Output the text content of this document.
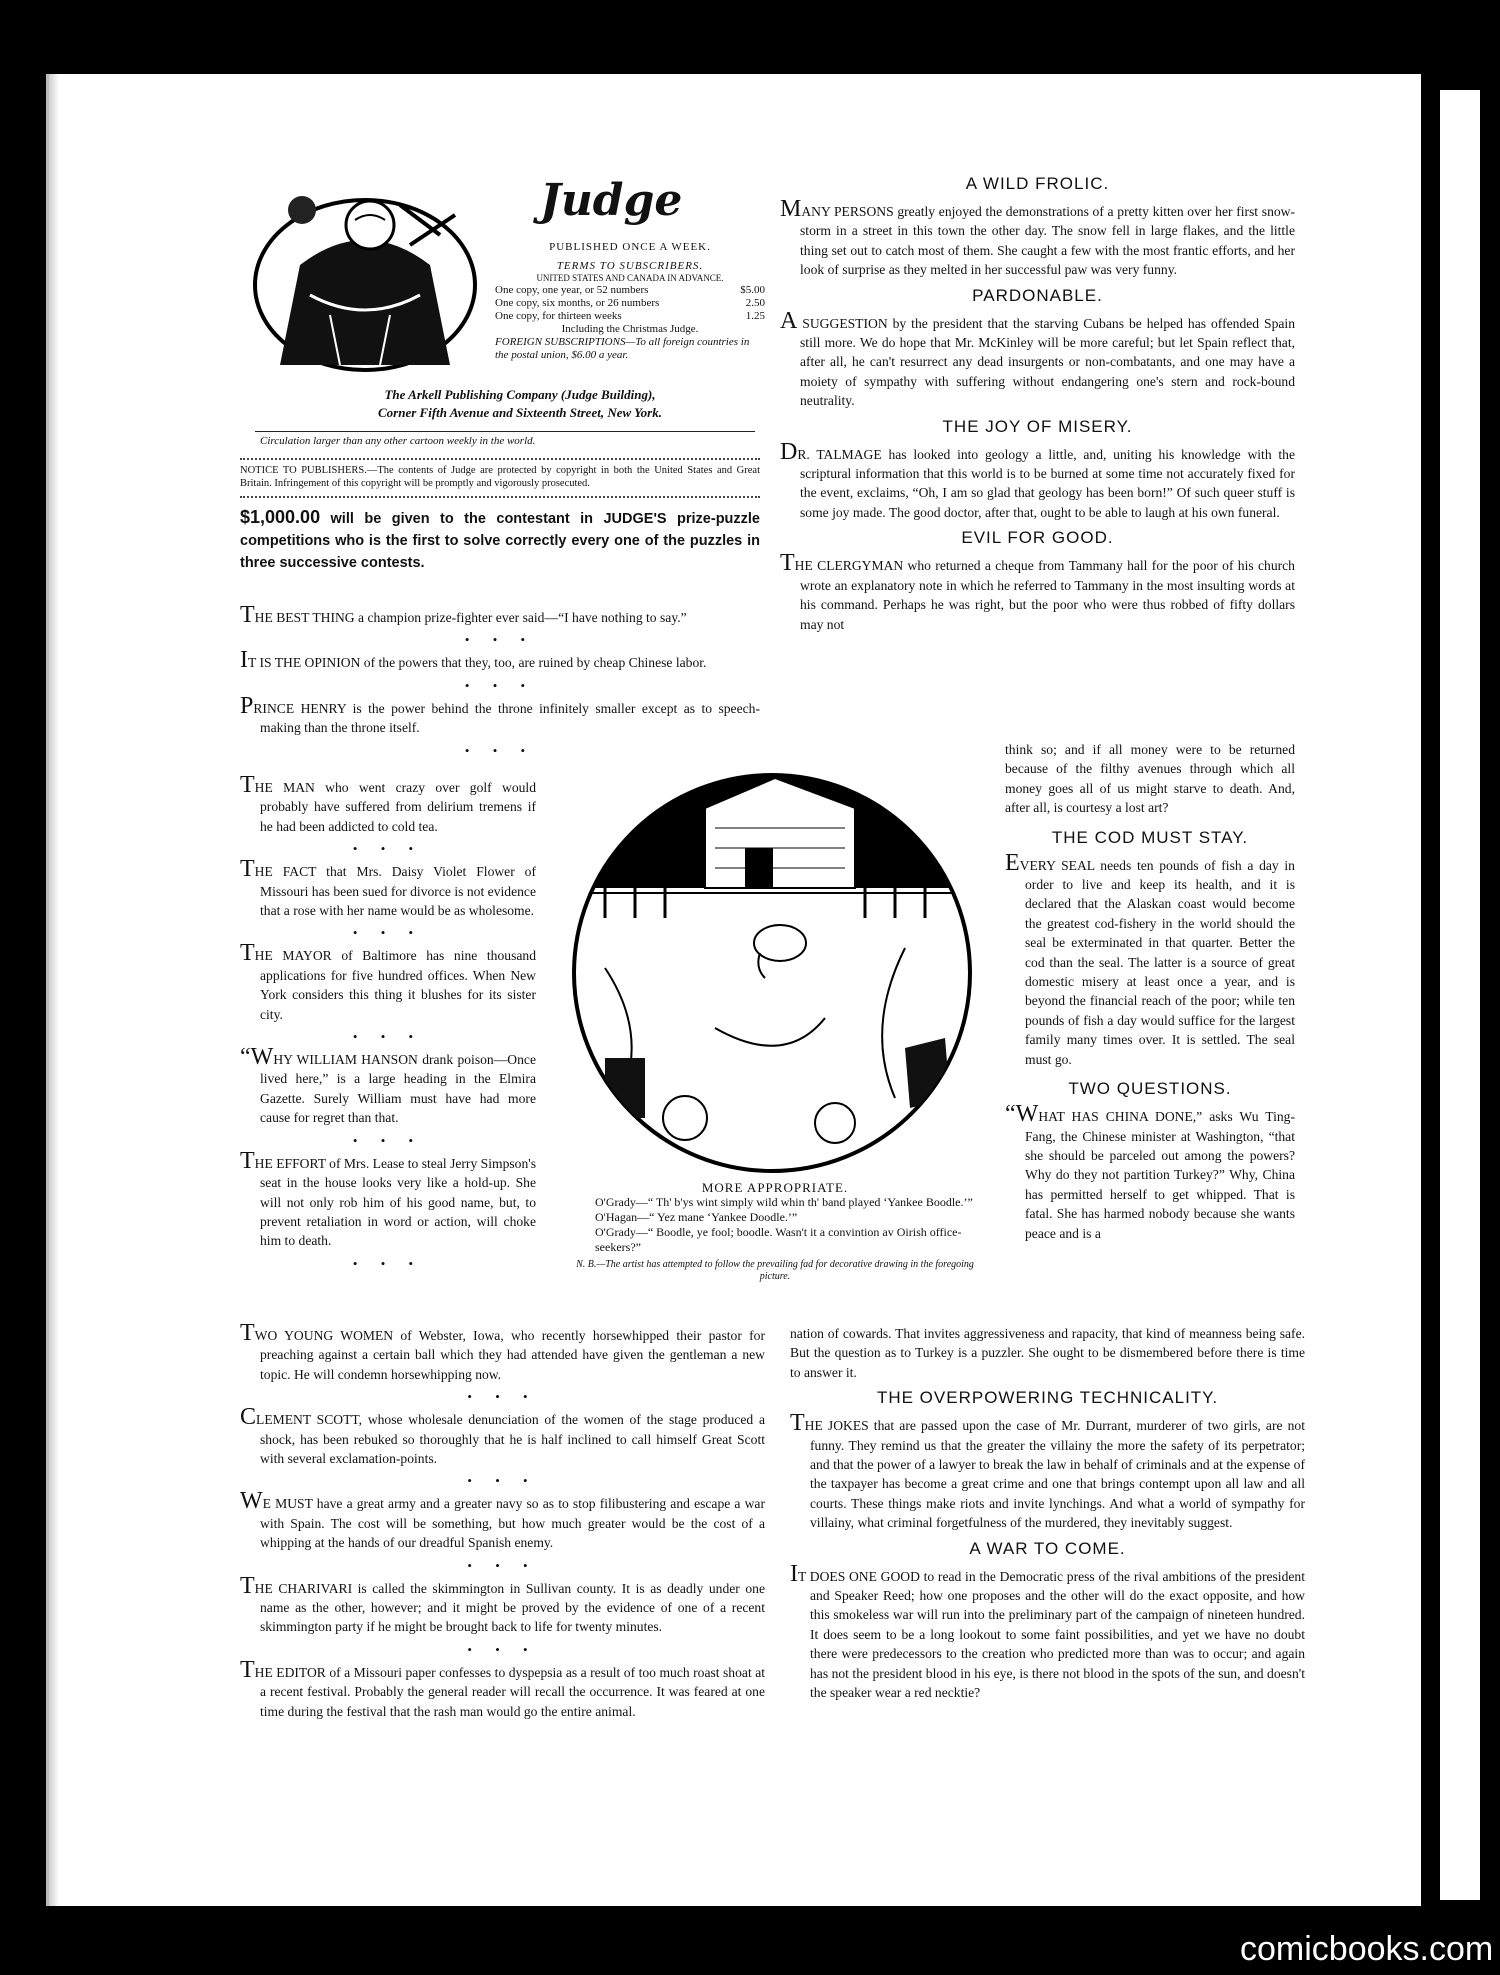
Judge
PUBLISHED ONCE A WEEK.
TERMS TO SUBSCRIBERS.
UNITED STATES AND CANADA IN ADVANCE.
One copy, one year, or 52 numbers	$5.00
One copy, six months, or 26 numbers	2.50
One copy, for thirteen weeks	1.25
Including the Christmas Judge.
FOREIGN SUBSCRIPTIONS—To all foreign countries in the postal union, $6.00 a year.
The Arkell Publishing Company (Judge Building),
Corner Fifth Avenue and Sixteenth Street, New York.
Circulation larger than any other cartoon weekly in the world.

NOTICE TO PUBLISHERS.—The contents of Judge are protected by copyright in both the United States and Great Britain. Infringement of this copyright will be promptly and vigorously prosecuted.

$1,000.00 will be given to the contestant in JUDGE'S prize-puzzle competitions who is the first to solve correctly every one of the puzzles in three successive contests.

THE BEST THING a champion prize-fighter ever said—“I have nothing to say.”

• • •

IT IS THE OPINION of the powers that they, too, are ruined by cheap Chinese labor.

• • •

PRINCE HENRY is the power behind the throne infinitely smaller except as to speech-making than the throne itself.

• • •

THE MAN who went crazy over golf would probably have suffered from delirium tremens if he had been addicted to cold tea.

• • •

THE FACT that Mrs. Daisy Violet Flower of Missouri has been sued for divorce is not evidence that a rose with her name would be as wholesome.

• • •

THE MAYOR of Baltimore has nine thousand applications for five hundred offices. When New York considers this thing it blushes for its sister city.

• • •

“WHY WILLIAM HANSON drank poison—Once lived here,” is a large heading in the Elmira Gazette. Surely William must have had more cause for regret than that.

• • •

THE EFFORT of Mrs. Lease to steal Jerry Simpson's seat in the house looks very like a hold-up. She will not only rob him of his good name, but, to prevent retaliation in word or action, will choke him to death.

• • •

TWO YOUNG WOMEN of Webster, Iowa, who recently horsewhipped their pastor for preaching against a certain ball which they had attended have given the gentleman a new topic. He will condemn horsewhipping now.

• • •

CLEMENT SCOTT, whose wholesale denunciation of the women of the stage produced a shock, has been rebuked so thoroughly that he is half inclined to call himself Great Scott with several exclamation-points.

• • •

WE MUST have a great army and a greater navy so as to stop filibustering and escape a war with Spain. The cost will be something, but how much greater would be the cost of a whipping at the hands of our dreadful Spanish enemy.

• • •

THE CHARIVARI is called the skimmington in Sullivan county. It is as deadly under one name as the other, however; and it might be proved by the evidence of one of a recent skimmington party if he might be brought back to life for twenty minutes.

• • •

THE EDITOR of a Missouri paper confesses to dyspepsia as a result of too much roast shoat at a recent festival. Probably the general reader will recall the occurrence. It was feared at one time during the festival that the rash man would go the entire animal.

A WILD FROLIC.

MANY PERSONS greatly enjoyed the demonstrations of a pretty kitten over her first snow-storm in a street in this town the other day. The snow fell in large flakes, and the little thing set out to catch most of them. She caught a few with the most frantic efforts, and her look of surprise as they melted in her successful paw was very funny.

PARDONABLE.

A SUGGESTION by the president that the starving Cubans be helped has offended Spain still more. We do hope that Mr. McKinley will be more careful; but let Spain reflect that, after all, he can't resurrect any dead insurgents or non-combatants, and one may have a moiety of sympathy with suffering without endangering one's stern and rock-bound neutrality.

THE JOY OF MISERY.

DR. TALMAGE has looked into geology a little, and, uniting his knowledge with the scriptural information that this world is to be burned at some time not accurately fixed for the event, exclaims, “Oh, I am so glad that geology has been born!” Of such queer stuff is some joy made. The good doctor, after that, ought to be able to laugh at his own funeral.

EVIL FOR GOOD.

THE CLERGYMAN who returned a cheque from Tammany hall for the poor of his church wrote an explanatory note in which he referred to Tammany in the most insulting words at his command. Perhaps he was right, but the poor who were thus robbed of fifty dollars may not

think so; and if all money were to be returned because of the filthy avenues through which all money goes all of us might starve to death. And, after all, is courtesy a lost art?

THE COD MUST STAY.

EVERY SEAL needs ten pounds of fish a day in order to live and keep its health, and it is declared that the Alaskan coast would become the greatest cod-fishery in the world should the seal be exterminated in that quarter. Better the cod than the seal. The latter is a source of great domestic misery at least once a year, and is beyond the financial reach of the poor; while ten pounds of fish a day would suffice for the largest family many times over. It is settled. The seal must go.

TWO QUESTIONS.

“WHAT HAS CHINA DONE,” asks Wu Ting-Fang, the Chinese minister at Washington, “that she should be parceled out among the powers? Why do they not partition Turkey?” Why, China has permitted herself to get whipped. That is fatal. She has harmed nobody because she wants peace and is a

MORE APPROPRIATE.
O'Grady—“ Th' b'ys wint simply wild whin th' band played ‘Yankee Boodle.’”
O'Hagan—“ Yez mane ‘Yankee Doodle.’”
O'Grady—“ Boodle, ye fool; boodle. Wasn't it a convintion av Oirish office-seekers?”
N. B.—The artist has attempted to follow the prevailing fad for decorative drawing in the foregoing picture.

nation of cowards. That invites aggressiveness and rapacity, that kind of meanness being safe. But the question as to Turkey is a puzzler. She ought to be dismembered before there is time to answer it.

THE OVERPOWERING TECHNICALITY.

THE JOKES that are passed upon the case of Mr. Durrant, murderer of two girls, are not funny. They remind us that the greater the villainy the more the safety of its perpetrator; and that the power of a lawyer to break the law in behalf of criminals and at the expense of the taxpayer has become a great crime and one that brings contempt upon all law and all courts. These things make riots and invite lynchings. And what a world of sympathy for villainy, what criminal forgetfulness of the murdered, they inevitably suggest.

A WAR TO COME.

IT DOES ONE GOOD to read in the Democratic press of the rival ambitions of the president and Speaker Reed; how one proposes and the other will do the exact opposite, and how this smokeless war will run into the preliminary part of the campaign of nineteen hundred. It does seem to be a long lookout to some faint possibilities, and yet we have no doubt there were predecessors to the creation who predicted more than was to occur; and again has not the president blood in his eye, is there not blood in the spots of the sun, and doesn't the speaker wear a red necktie?

comicbooks.com
